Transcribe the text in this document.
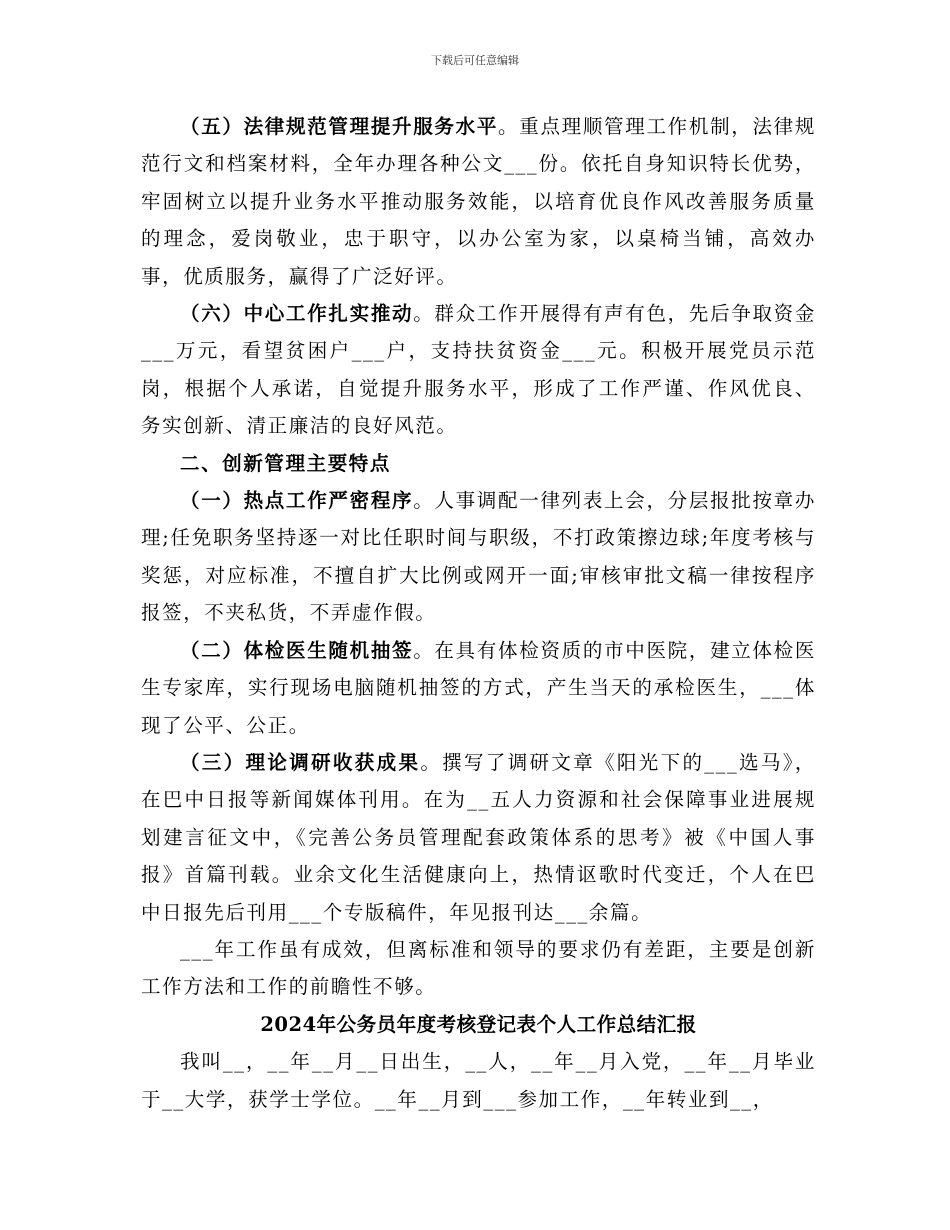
下载后可任意编辑

（五）法律规范管理提升服务水平。重点理顺管理工作机制，法律规范行文和档案材料，全年办理各种公文___份。依托自身知识特长优势，牢固树立以提升业务水平推动服务效能，以培育优良作风改善服务质量的理念，爱岗敬业，忠于职守，以办公室为家，以桌椅当铺，高效办事，优质服务，赢得了广泛好评。

（六）中心工作扎实推动。群众工作开展得有声有色，先后争取资金___万元，看望贫困户___户，支持扶贫资金___元。积极开展党员示范岗，根据个人承诺，自觉提升服务水平，形成了工作严谨、作风优良、务实创新、清正廉洁的良好风范。

二、创新管理主要特点

（一）热点工作严密程序。人事调配一律列表上会，分层报批按章办理;任免职务坚持逐一对比任职时间与职级，不打政策擦边球;年度考核与奖惩，对应标准，不擅自扩大比例或网开一面;审核审批文稿一律按程序报签，不夹私货，不弄虚作假。

（二）体检医生随机抽签。在具有体检资质的市中医院，建立体检医生专家库，实行现场电脑随机抽签的方式，产生当天的承检医生，___体现了公平、公正。

（三）理论调研收获成果。撰写了调研文章《阳光下的___选马》，在巴中日报等新闻媒体刊用。在为__五人力资源和社会保障事业进展规划建言征文中，《完善公务员管理配套政策体系的思考》被《中国人事报》首篇刊载。业余文化生活健康向上，热情讴歌时代变迁，个人在巴中日报先后刊用___个专版稿件，年见报刊达___余篇。

___年工作虽有成效，但离标准和领导的要求仍有差距，主要是创新工作方法和工作的前瞻性不够。

2024年公务员年度考核登记表个人工作总结汇报

我叫__，__年__月__日出生，__人，__年__月入党，__年__月毕业于__大学，获学士学位。__年__月到___参加工作，__年转业到__，
